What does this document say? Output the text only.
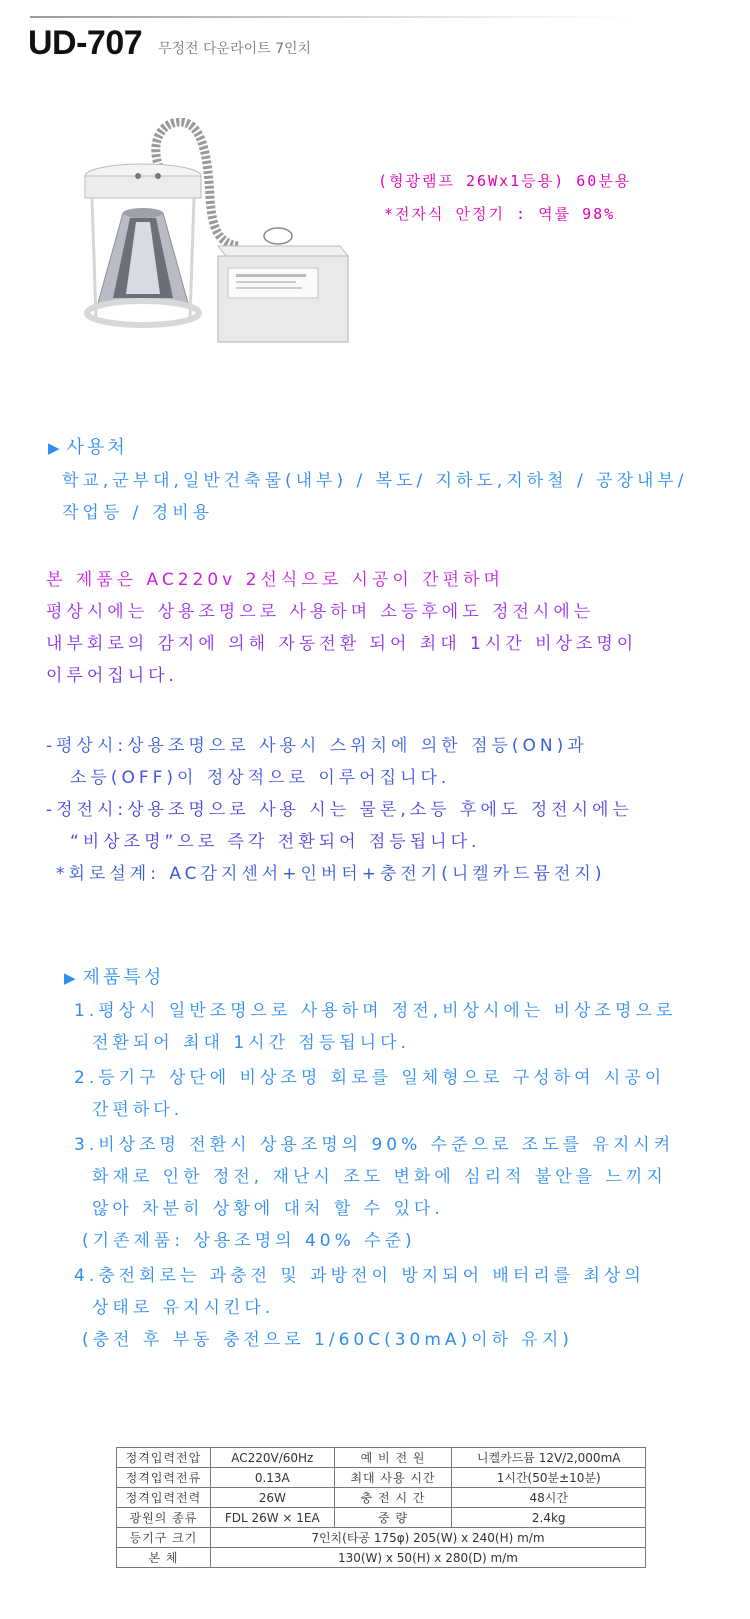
UD-707 무정전 다운라이트 7인치
(형광램프 26Wx1등용) 60분용
*전자식 안정기 : 역률 98%
▶ 사용처
학교,군부대,일반건축물(내부) / 복도/ 지하도,지하철 / 공장내부/
작업등 / 경비용
본 제품은 AC220v 2선식으로 시공이 간편하며
평상시에는 상용조명으로 사용하며 소등후에도 정전시에는
내부회로의 감지에 의해 자동전환 되어 최대 1시간 비상조명이
이루어집니다.
-평상시:상용조명으로 사용시 스위치에 의한 점등(ON)과
소등(OFF)이 정상적으로 이루어집니다.
-정전시:상용조명으로 사용 시는 물론,소등 후에도 정전시에는
“비상조명”으로 즉각 전환되어 점등됩니다.
*회로설계: AC감지센서+인버터+충전기(니켈카드뮴전지)
▶ 제품특성
1.평상시 일반조명으로 사용하며 정전,비상시에는 비상조명으로
전환되어 최대 1시간 점등됩니다.
2.등기구 상단에 비상조명 회로를 일체형으로 구성하여 시공이
간편하다.
3.비상조명 전환시 상용조명의 90% 수준으로 조도를 유지시켜
화재로 인한 정전, 재난시 조도 변화에 심리적 불안을 느끼지
않아 차분히 상황에 대처 할 수 있다.
(기존제품: 상용조명의 40% 수준)
4.충전회로는 과충전 및 과방전이 방지되어 배터리를 최상의
상태로 유지시킨다.
(충전 후 부동 충전으로 1/60C(30mA)이하 유지)
정격입력전압	AC220V/60Hz	예 비 전 원	니켈카드뮴 12V/2,000mA
정격입력전류	0.13A	최대 사용 시간	1시간(50분±10분)
정격입력전력	26W	충 전 시 간	48시간
광원의 종류	FDL 26W × 1EA	중 량	2.4kg
등기구 크기	7인치(타공 175φ) 205(W) x 240(H) m/m		
본 체	130(W) x 50(H) x 280(D) m/m		
